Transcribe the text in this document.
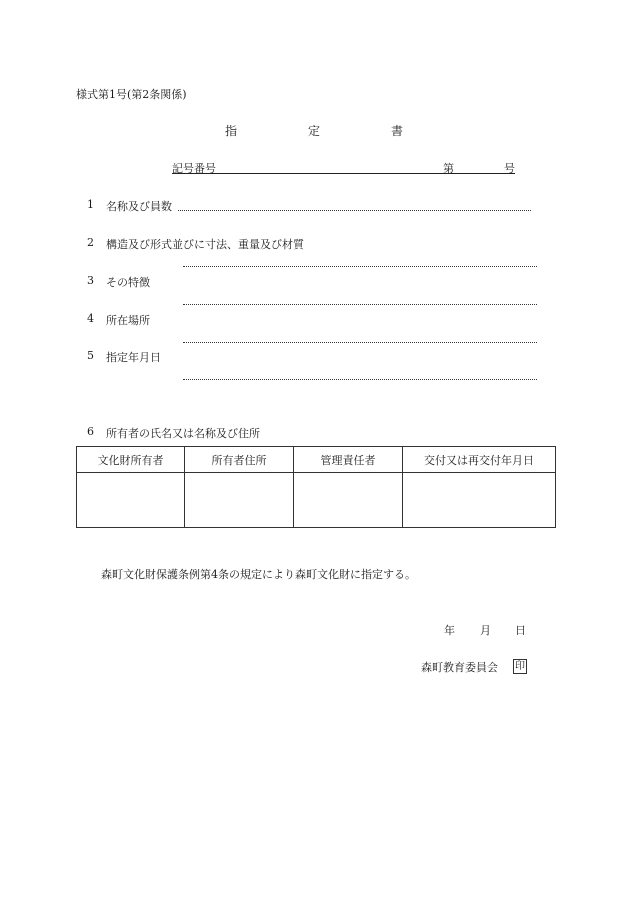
様式第1号(第2条関係)
指	定	書
記号番号	第	号
1 名称及び員数
2 構造及び形式並びに寸法、重量及び材質
3 その特徴
4 所在場所
5 指定年月日
6 所有者の氏名又は名称及び住所
文化財所有者	所有者住所	管理責任者	交付又は再交付年月日

森町文化財保護条例第4条の規定により森町文化財に指定する。
年 月 日
森町教育委員会 印
